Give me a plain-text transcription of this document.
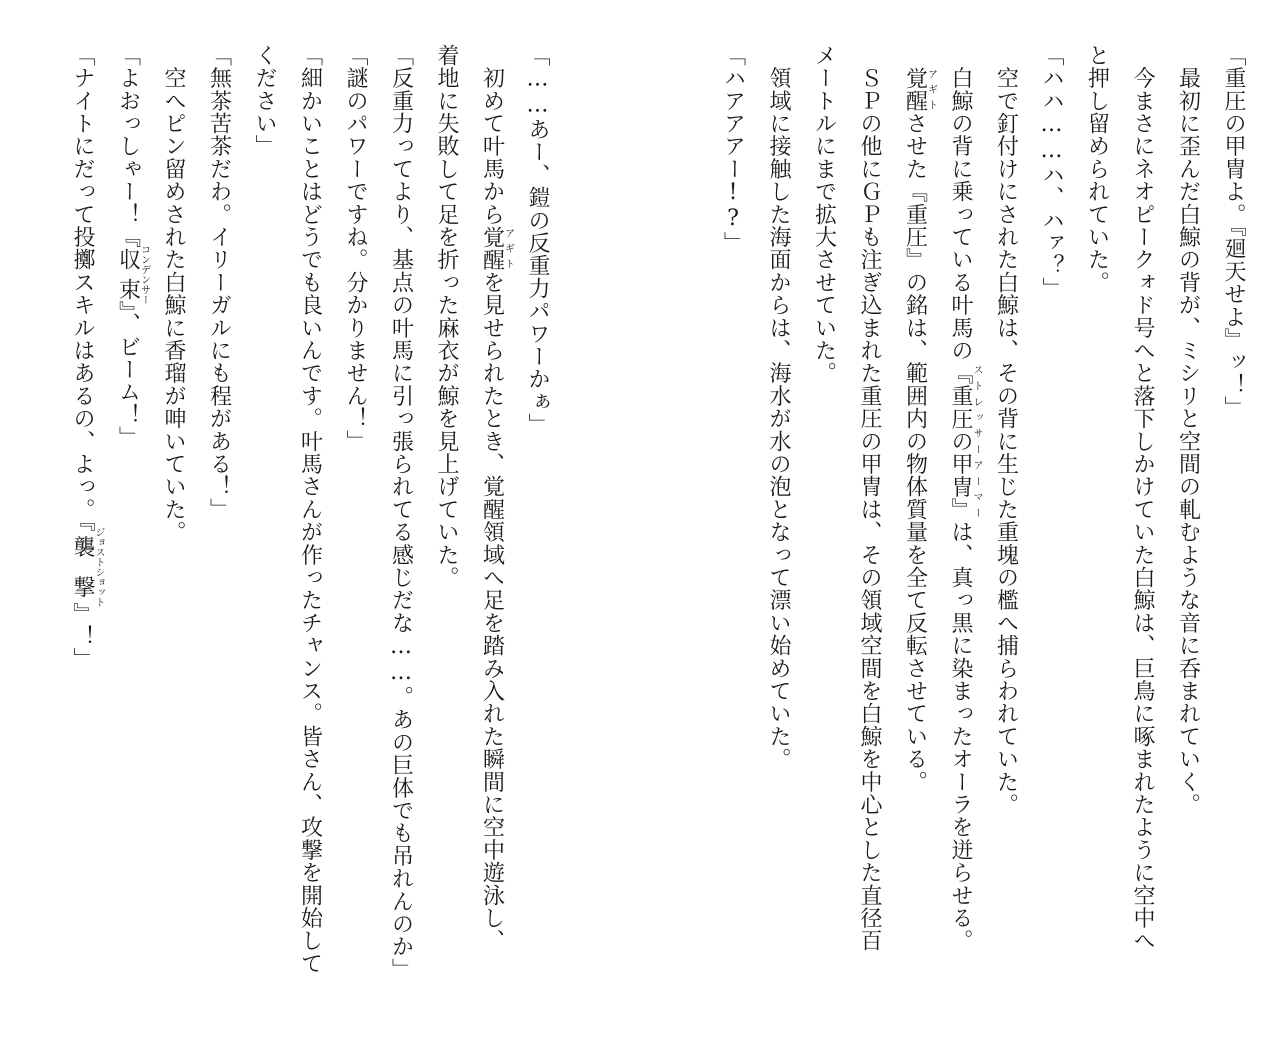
「重圧の甲冑よ。『廻天せよ』ッ！」
　最初に歪んだ白鯨の背が、ミシリと空間の軋むような音に呑まれていく。
　今まさにネオピークォド号へと落下しかけていた白鯨は、巨鳥に啄まれたように空中へ
と押し留められていた。
「ハハ……ハ、ハァ？」
　空で釘付けにされた白鯨は、その背に生じた重塊の檻へ捕らわれていた。
　白鯨の背に乗っている叶馬の『重圧の甲冑』ストレッサーアーマーは、真っ黒に染まったオーラを迸らせる。
　覚醒アギトさせた『重圧』の銘は、範囲内の物体質量を全て反転させている。
　ＳＰの他にＧＰも注ぎ込まれた重圧の甲冑は、その領域空間を白鯨を中心とした直径百
メートルにまで拡大させていた。
　領域に接触した海面からは、海水が水の泡となって漂い始めていた。
「ハアアアー!?」
「……あー、鎧の反重力パワーかぁ」
　初めて叶馬から覚醒アギトを見せられたとき、覚醒領域へ足を踏み入れた瞬間に空中遊泳し、
着地に失敗して足を折った麻衣が鯨を見上げていた。
「反重力ってより、基点の叶馬に引っ張られてる感じだな……。あの巨体でも吊れんのか」
「謎のパワーですね。分かりません！」
「細かいことはどうでも良いんです。叶馬さんが作ったチャンス。皆さん、攻撃を開始して
ください」
「無茶苦茶だわ。イリーガルにも程がある！」
　空へピン留めされた白鯨に香瑠が呻いていた。
「よおっしゃー！『収束コンデンサー』、ビーム！」
「ナイトにだって投擲スキルはあるの、よっ。『襲撃ジョストショット』！」
